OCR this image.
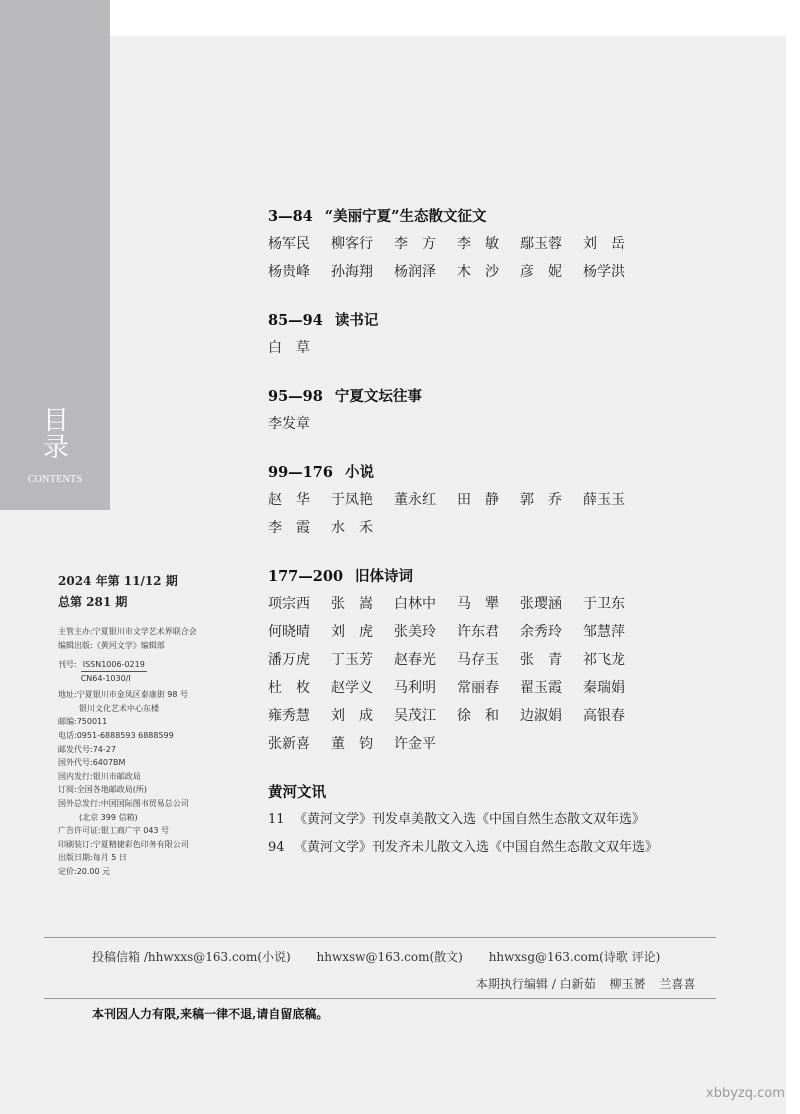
目
录
CONTENTS
2024 年第 11/12 期
总第 281 期
主管主办:宁夏银川市文学艺术界联合会
编辑出版:《黄河文学》编辑部
刊号: ISSN1006-0219
CN64-1030/I
地址:宁夏银川市金凤区泰康街 98 号
银川文化艺术中心东楼
邮编:750011
电话:0951-6888593 6888599
邮发代号:74-27
国外代号:6407BM
国内发行:银川市邮政局
订阅:全国各地邮政局(所)
国外总发行:中国国际图书贸易总公司
(北京 399 信箱)
广告许可证:银工商广字 043 号
印刷装订:宁夏精捷彩色印务有限公司
出版日期:每月 5 日
定价:20.00 元
3—84 “美丽宁夏”生态散文征文
杨军民	柳客行	李　方	李　敏	鄢玉蓉	刘　岳
杨贵峰	孙海翔	杨润泽	木　沙	彦　妮	杨学洪
85—94 读书记
白　草
95—98 宁夏文坛往事
李发章
99—176 小说
赵　华	于凤艳	董永红	田　静	郭　乔	薛玉玉
李　霞	水　禾
177—200 旧体诗词
项宗西	张　嵩	白林中	马　犟	张璎涵	于卫东
何晓晴	刘　虎	张美玲	许东君	余秀玲	邹慧萍
潘万虎	丁玉芳	赵春光	马存玉	张　青	祁飞龙
杜　枚	赵学义	马利明	常丽春	翟玉霞	秦瑞娟
雍秀慧	刘　成	吴茂江	徐　和	边淑娟	高银春
张新喜	董　钧	许金平
黄河文讯
11 《黄河文学》刊发卓美散文入选《中国自然生态散文双年选》
94 《黄河文学》刊发齐未儿散文入选《中国自然生态散文双年选》
投稿信箱 /hhwxxs@163.com(小说) hhwxsw@163.com(散文) hhwxsg@163.com(诗歌 评论)
本期执行编辑 / 白新茹 柳玉赟 兰喜喜
本刊因人力有限,来稿一律不退,请自留底稿。
xbbyzq.com
